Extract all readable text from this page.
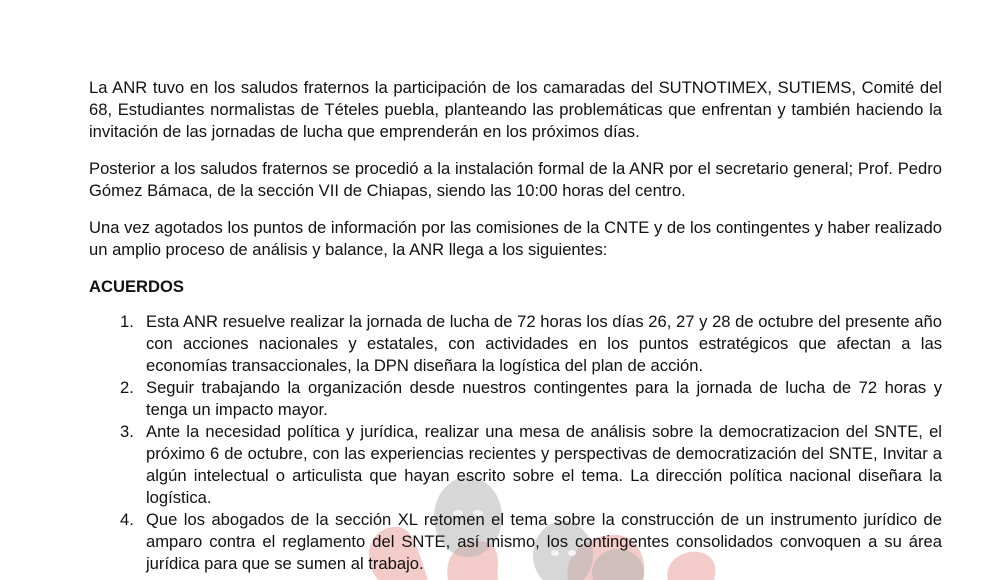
La ANR tuvo en los saludos fraternos la participación de los camaradas del SUTNOTIMEX, SUTIEMS, Comité del 68, Estudiantes normalistas de Tételes puebla, planteando las problemáticas que enfrentan y también haciendo la invitación de las jornadas de lucha que emprenderán en los próximos días.

Posterior a los saludos fraternos se procedió a la instalación formal de la ANR por el secretario general; Prof. Pedro Gómez Bámaca, de la sección VII de Chiapas, siendo las 10:00 horas del centro.

Una vez agotados los puntos de información por las comisiones de la CNTE y de los contingentes y haber realizado un amplio proceso de análisis y balance, la ANR llega a los siguientes:

ACUERDOS

1. Esta ANR resuelve realizar la jornada de lucha de 72 horas los días 26, 27 y 28 de octubre del presente año con acciones nacionales y estatales, con actividades en los puntos estratégicos que afectan a las economías transaccionales, la DPN diseñara la logística del plan de acción.
2. Seguir trabajando la organización desde nuestros contingentes para la jornada de lucha de 72 horas y tenga un impacto mayor.
3. Ante la necesidad política y jurídica, realizar una mesa de análisis sobre la democratizacion del SNTE, el próximo 6 de octubre, con las experiencias recientes y perspectivas de democratización del SNTE, Invitar a algún intelectual o articulista que hayan escrito sobre el tema. La dirección política nacional diseñara la logística.
4. Que los abogados de la sección XL retomen el tema sobre la construcción de un instrumento jurídico de amparo contra el reglamento del SNTE, así mismo, los contingentes consolidados convoquen a su área jurídica para que se sumen al trabajo.
